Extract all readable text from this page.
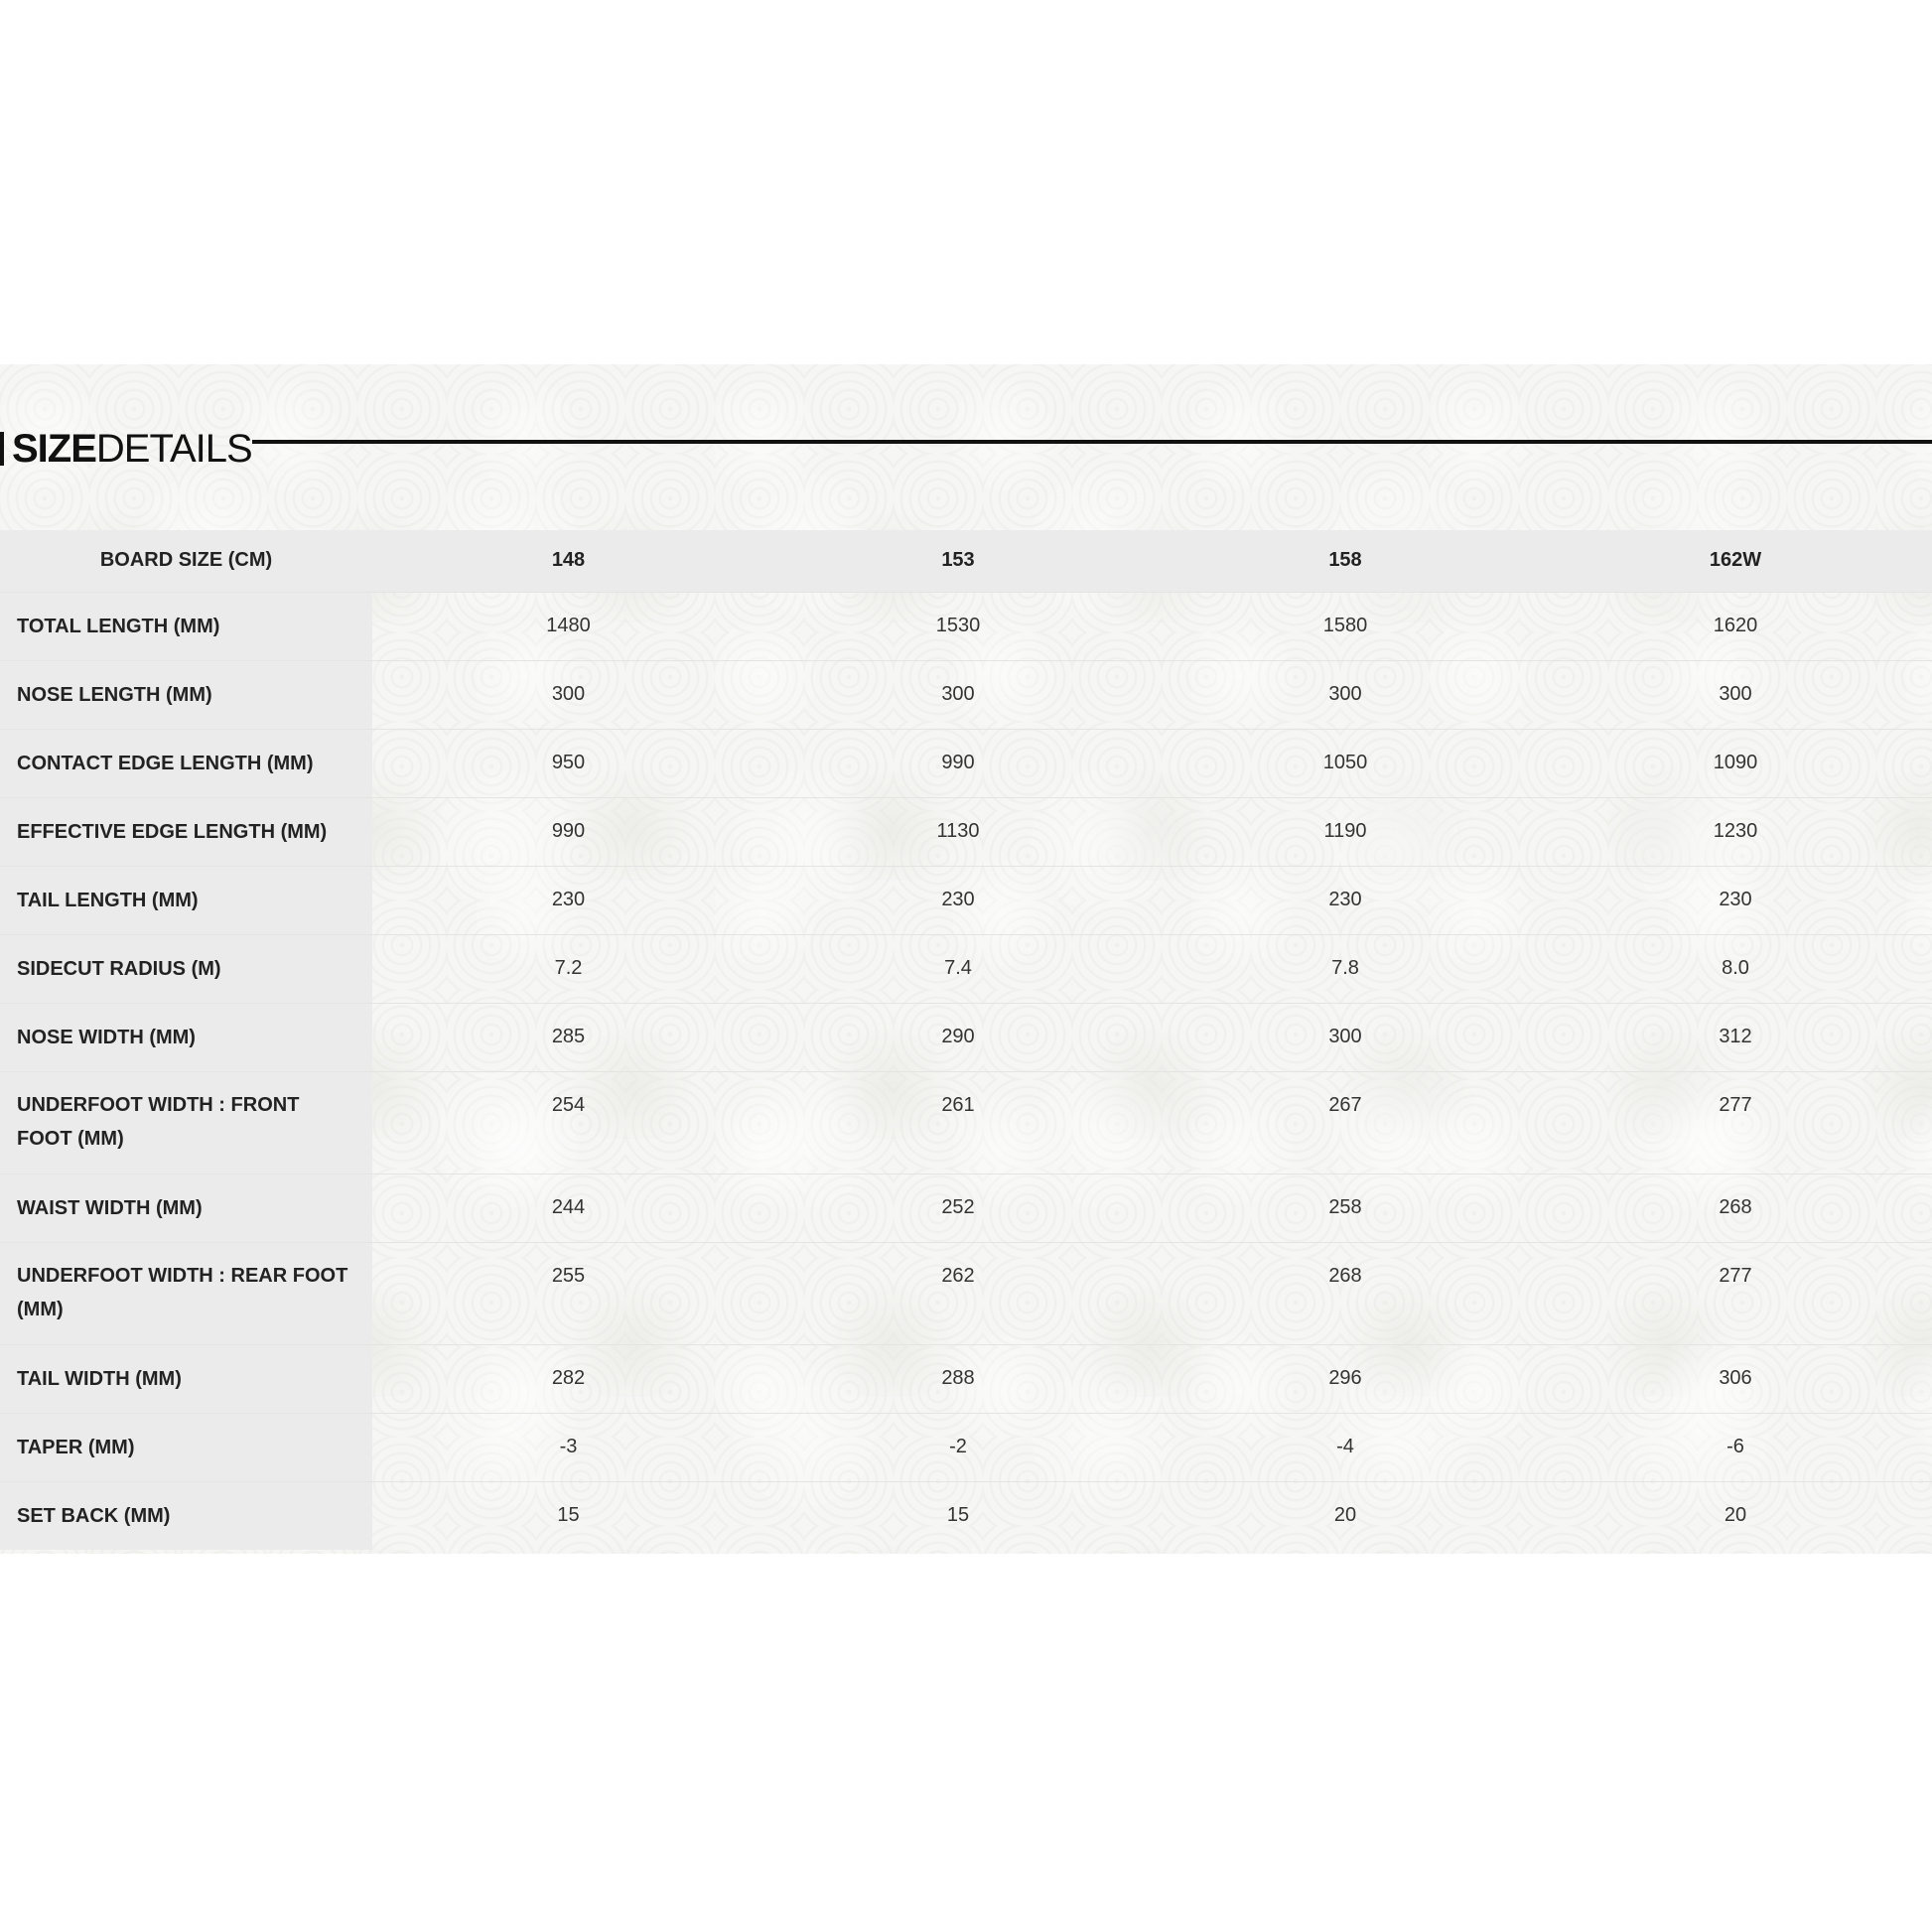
SIZE DETAILS
BOARD SIZE (CM)	148	153	158	162W
TOTAL LENGTH (MM)	1480	1530	1580	1620
NOSE LENGTH (MM)	300	300	300	300
CONTACT EDGE LENGTH (MM)	950	990	1050	1090
EFFECTIVE EDGE LENGTH (MM)	990	1130	1190	1230
TAIL LENGTH (MM)	230	230	230	230
SIDECUT RADIUS (M)	7.2	7.4	7.8	8.0
NOSE WIDTH (MM)	285	290	300	312
UNDERFOOT WIDTH : FRONT FOOT (MM)	254	261	267	277
WAIST WIDTH (MM)	244	252	258	268
UNDERFOOT WIDTH : REAR FOOT (MM)	255	262	268	277
TAIL WIDTH (MM)	282	288	296	306
TAPER (MM)	-3	-2	-4	-6
SET BACK (MM)	15	15	20	20
